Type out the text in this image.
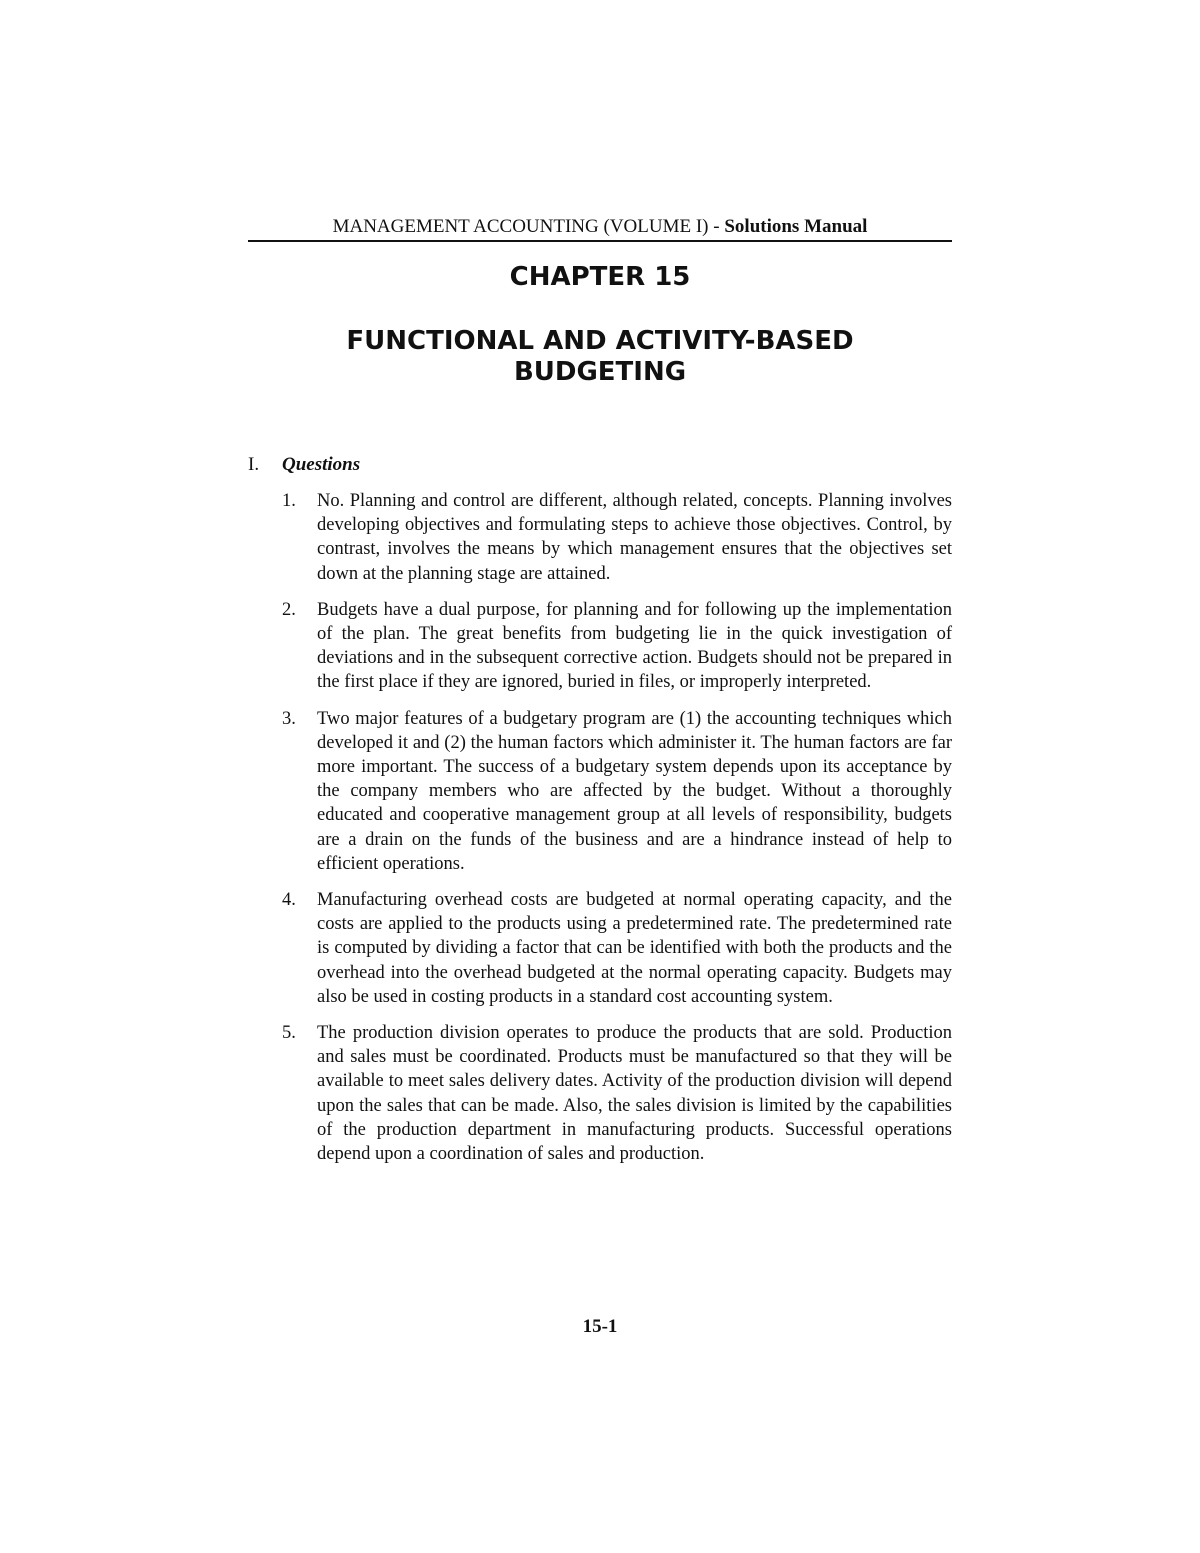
MANAGEMENT ACCOUNTING (VOLUME I) - Solutions Manual
CHAPTER 15
FUNCTIONAL AND ACTIVITY-BASED
BUDGETING
I. Questions
1. No. Planning and control are different, although related, concepts. Planning involves developing objectives and formulating steps to achieve those objectives. Control, by contrast, involves the means by which management ensures that the objectives set down at the planning stage are attained.
2. Budgets have a dual purpose, for planning and for following up the implementation of the plan. The great benefits from budgeting lie in the quick investigation of deviations and in the subsequent corrective action. Budgets should not be prepared in the first place if they are ignored, buried in files, or improperly interpreted.
3. Two major features of a budgetary program are (1) the accounting techniques which developed it and (2) the human factors which administer it. The human factors are far more important. The success of a budgetary system depends upon its acceptance by the company members who are affected by the budget. Without a thoroughly educated and cooperative management group at all levels of responsibility, budgets are a drain on the funds of the business and are a hindrance instead of help to efficient operations.
4. Manufacturing overhead costs are budgeted at normal operating capacity, and the costs are applied to the products using a predetermined rate. The predetermined rate is computed by dividing a factor that can be identified with both the products and the overhead into the overhead budgeted at the normal operating capacity. Budgets may also be used in costing products in a standard cost accounting system.
5. The production division operates to produce the products that are sold. Production and sales must be coordinated. Products must be manufactured so that they will be available to meet sales delivery dates. Activity of the production division will depend upon the sales that can be made. Also, the sales division is limited by the capabilities of the production department in manufacturing products. Successful operations depend upon a coordination of sales and production.
15-1
